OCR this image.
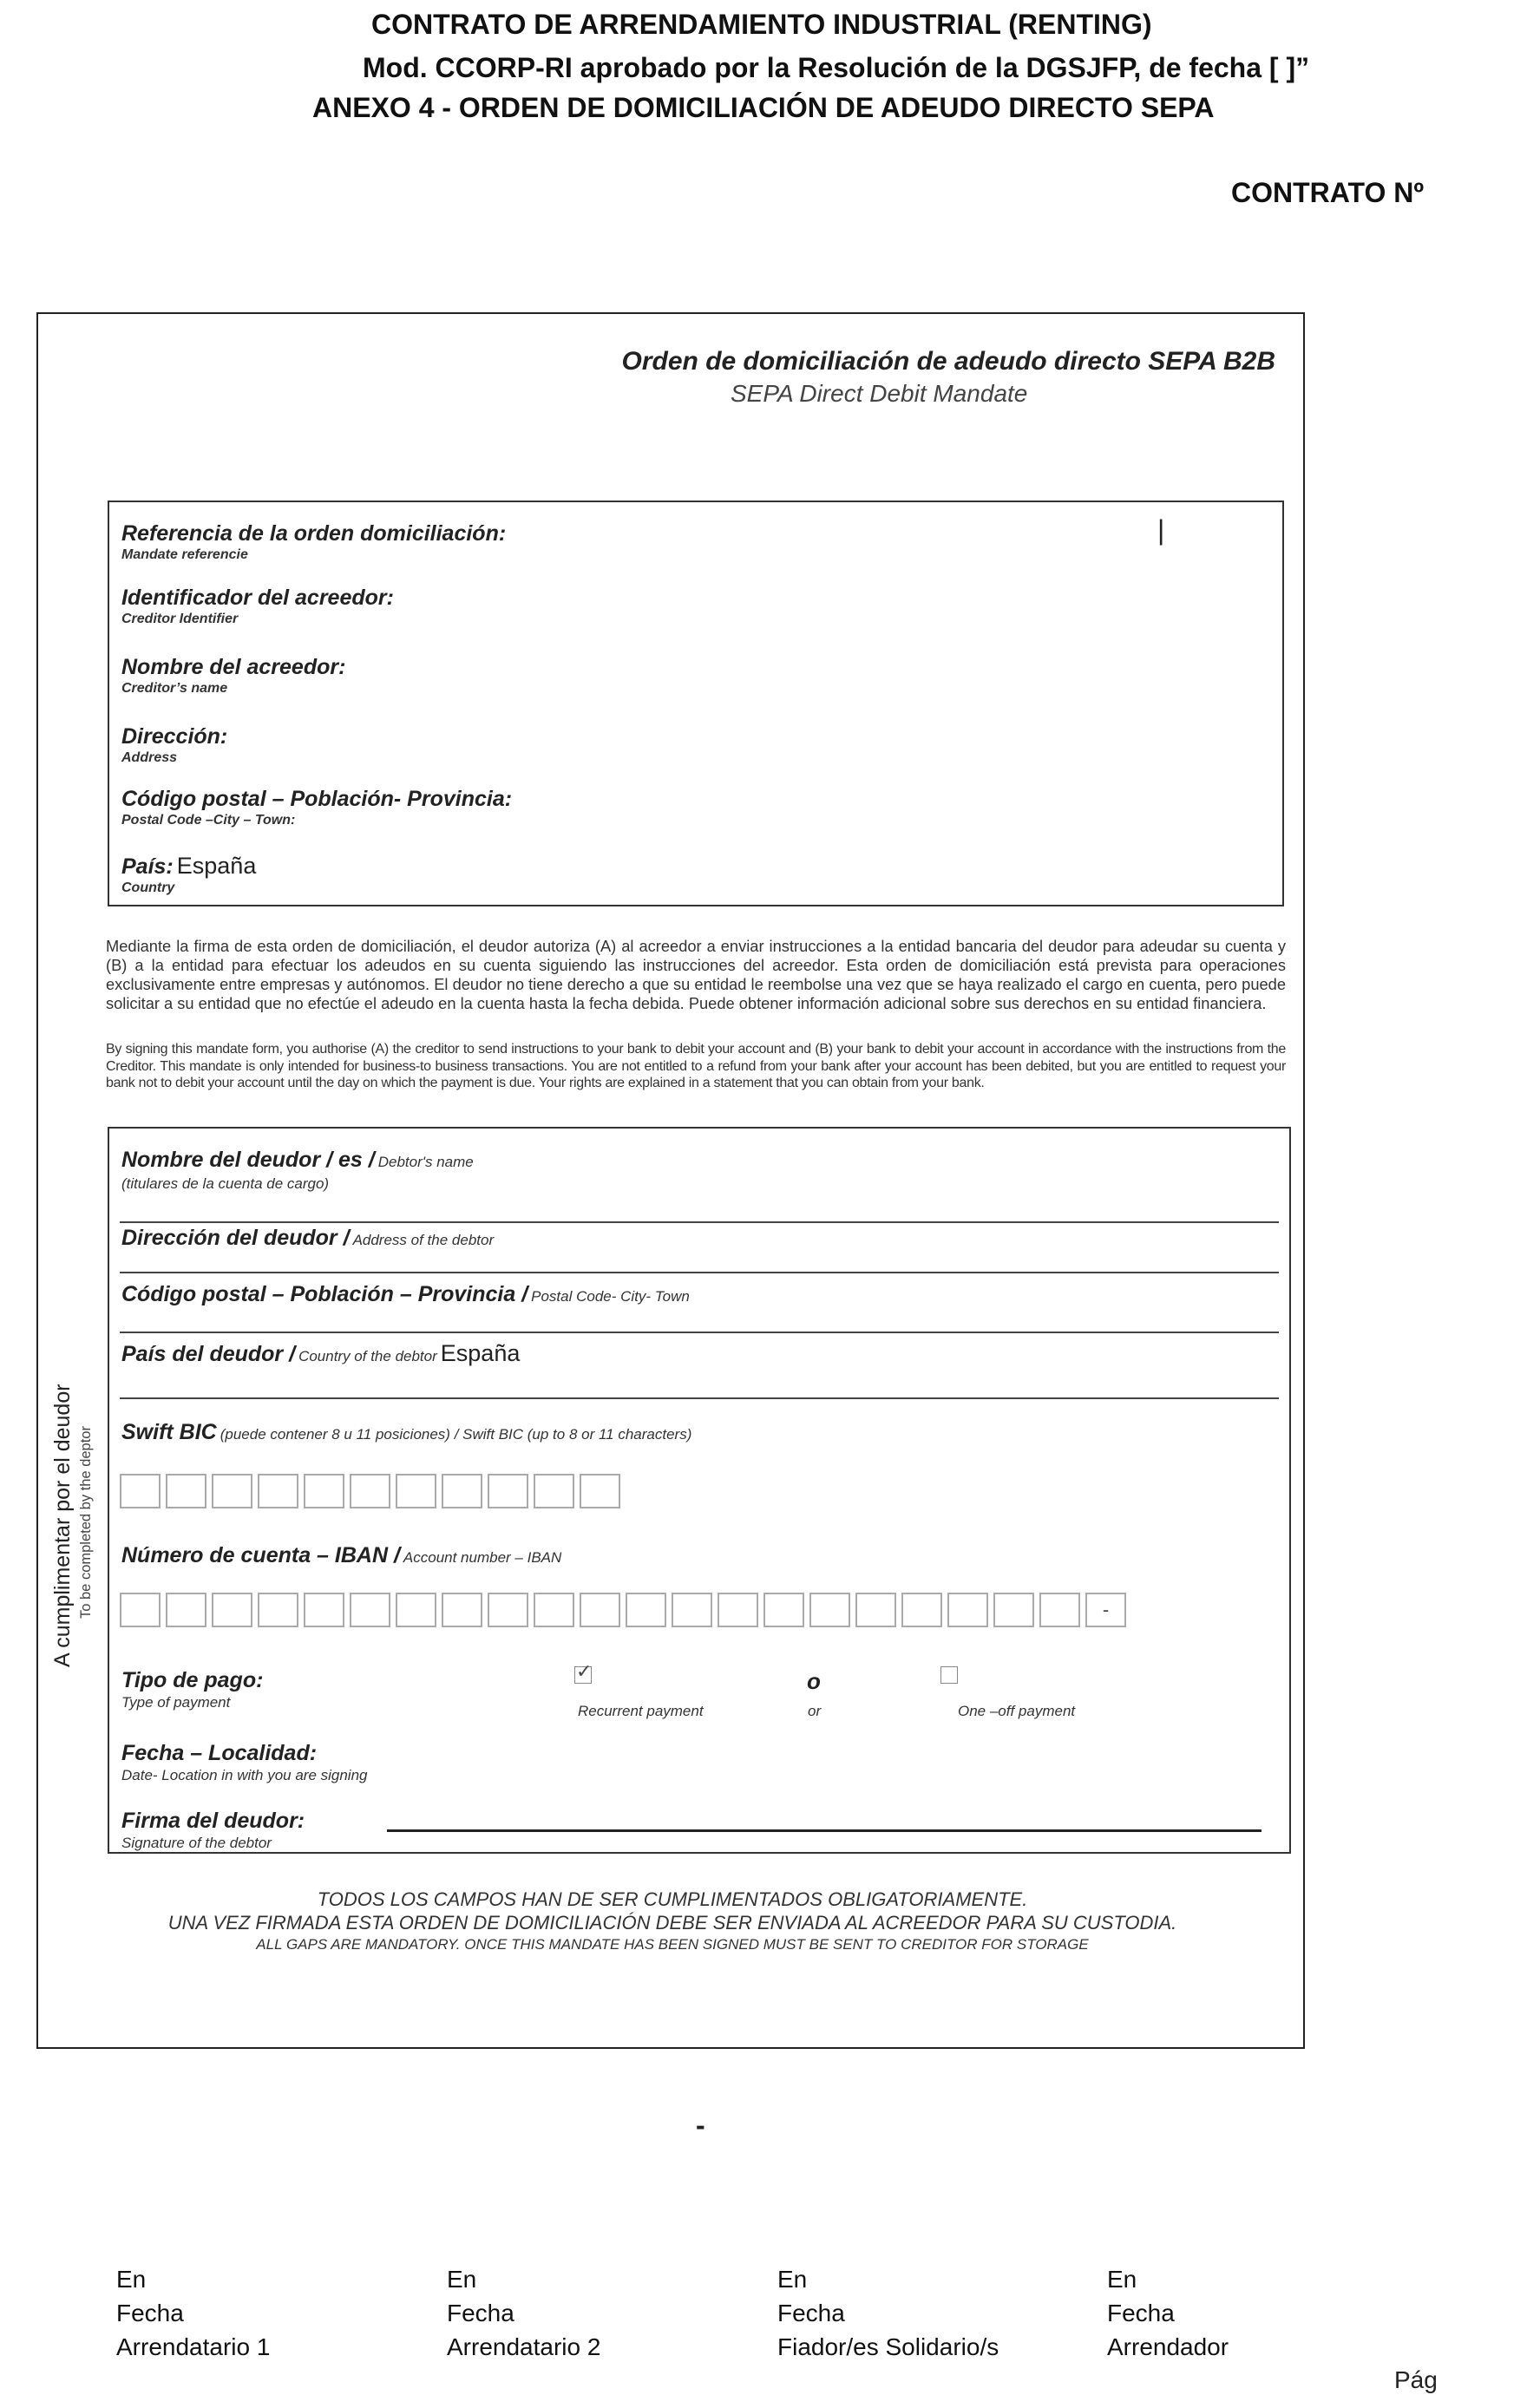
CONTRATO DE ARRENDAMIENTO INDUSTRIAL (RENTING)
Mod. CCORP-RI aprobado por la Resolución de la DGSJFP, de fecha [ ]”
ANEXO 4 - ORDEN DE DOMICILIACIÓN DE ADEUDO DIRECTO SEPA
CONTRATO Nº
Orden de domiciliación de adeudo directo SEPA B2B
SEPA Direct Debit Mandate
Referencia de la orden domiciliación:
Mandate referencie
|
Identificador del acreedor:
Creditor Identifier
Nombre del acreedor:
Creditor’s name
Dirección:
Address
Código postal – Población- Provincia:
Postal Code –City – Town:
País: España
Country

Mediante la firma de esta orden de domiciliación, el deudor autoriza (A) al acreedor a enviar instrucciones a la entidad bancaria del deudor para adeudar su cuenta y (B) a la entidad para efectuar los adeudos en su cuenta siguiendo las instrucciones del acreedor. Esta orden de domiciliación está prevista para operaciones exclusivamente entre empresas y autónomos. El deudor no tiene derecho a que su entidad le reembolse una vez que se haya realizado el cargo en cuenta, pero puede solicitar a su entidad que no efectúe el adeudo en la cuenta hasta la fecha debida. Puede obtener información adicional sobre sus derechos en su entidad financiera.

By signing this mandate form, you authorise (A) the creditor to send instructions to your bank to debit your account and (B) your bank to debit your account in accordance with the instructions from the Creditor. This mandate is only intended for business-to business transactions. You are not entitled to a refund from your bank after your account has been debited, but you are entitled to request your bank not to debit your account until the day on which the payment is due. Your rights are explained in a statement that you can obtain from your bank.

A cumplimentar por el deudor To be completed by the deptor
Nombre del deudor / es / Debtor's name
(titulares de la cuenta de cargo)
Dirección del deudor / Address of the debtor
Código postal – Población – Provincia / Postal Code- City- Town
País del deudor / Country of the debtor España
Swift BIC (puede contener 8 u 11 posiciones) / Swift BIC (up to 8 or 11 characters)
Número de cuenta – IBAN / Account number – IBAN
-
Tipo de pago:
Type of payment
✓
Recurrent payment
o
or	One –off payment
Fecha – Localidad:
Date- Location in with you are signing
Firma del deudor:
Signature of the debtor
TODOS LOS CAMPOS HAN DE SER CUMPLIMENTADOS OBLIGATORIAMENTE.
UNA VEZ FIRMADA ESTA ORDEN DE DOMICILIACIÓN DEBE SER ENVIADA AL ACREEDOR PARA SU CUSTODIA.
ALL GAPS ARE MANDATORY. ONCE THIS MANDATE HAS BEEN SIGNED MUST BE SENT TO CREDITOR FOR STORAGE
-
En
Fecha
Arrendatario 1
En
Fecha
Arrendatario 2
En
Fecha
Fiador/es Solidario/s
En
Fecha
Arrendador
Pág
